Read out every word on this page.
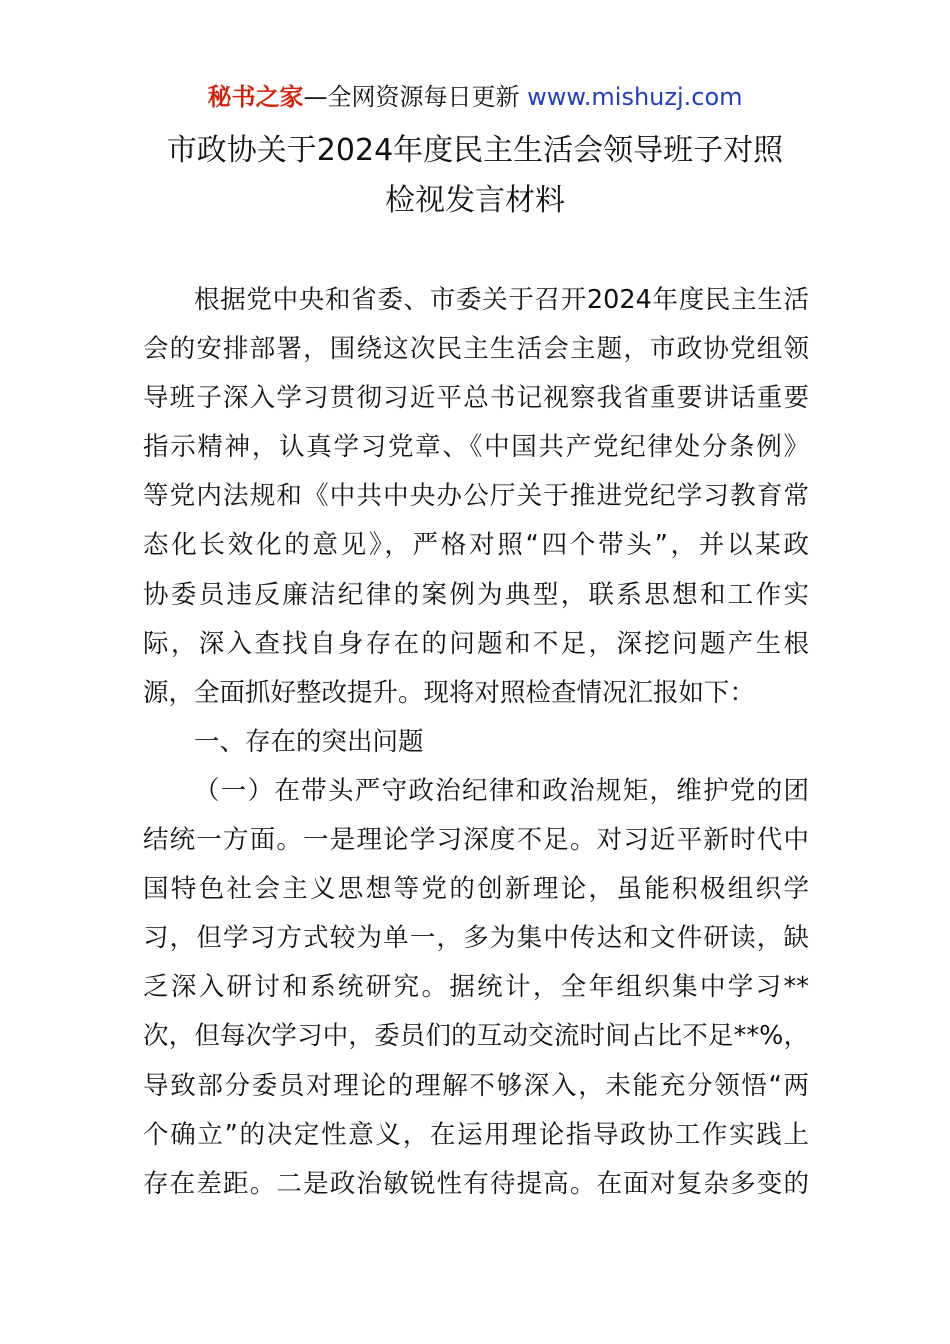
秘书之家—全网资源每日更新 www.mishuzj.com
市政协关于2024年度民主生活会领导班子对照
检视发言材料
根据党中央和省委、市委关于召开2024年度民主生活
会的安排部署，围绕这次民主生活会主题，市政协党组领
导班子深入学习贯彻习近平总书记视察我省重要讲话重要
指示精神，认真学习党章、《中国共产党纪律处分条例》
等党内法规和《中共中央办公厅关于推进党纪学习教育常
态化长效化的意见》，严格对照“四个带头”，并以某政
协委员违反廉洁纪律的案例为典型，联系思想和工作实
际，深入查找自身存在的问题和不足，深挖问题产生根
源，全面抓好整改提升。现将对照检查情况汇报如下：
一、存在的突出问题
（一）在带头严守政治纪律和政治规矩，维护党的团
结统一方面。一是理论学习深度不足。对习近平新时代中
国特色社会主义思想等党的创新理论，虽能积极组织学
习，但学习方式较为单一，多为集中传达和文件研读，缺
乏深入研讨和系统研究。据统计，全年组织集中学习**
次，但每次学习中，委员们的互动交流时间占比不足**%，
导致部分委员对理论的理解不够深入，未能充分领悟“两
个确立”的决定性意义，在运用理论指导政协工作实践上
存在差距。二是政治敏锐性有待提高。在面对复杂多变的
